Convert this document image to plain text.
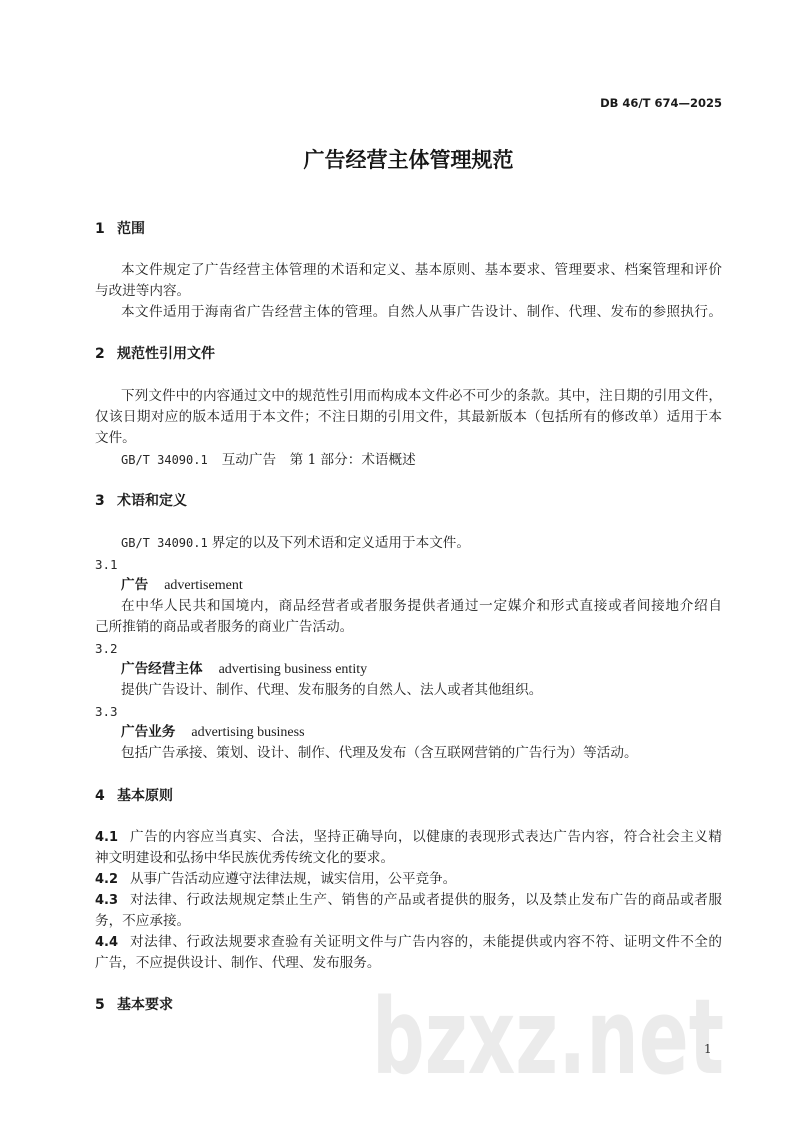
DB 46/T 674—2025
广告经营主体管理规范
1 范围
本文件规定了广告经营主体管理的术语和定义、基本原则、基本要求、管理要求、档案管理和评价
与改进等内容。
本文件适用于海南省广告经营主体的管理。自然人从事广告设计、制作、代理、发布的参照执行。
2 规范性引用文件
下列文件中的内容通过文中的规范性引用而构成本文件必不可少的条款。其中，注日期的引用文件，
仅该日期对应的版本适用于本文件；不注日期的引用文件，其最新版本（包括所有的修改单）适用于本
文件。
GB/T 34090.1 互动广告　第 1 部分：术语概述
3 术语和定义
GB/T 34090.1 界定的以及下列术语和定义适用于本文件。
3.1
广告 advertisement
在中华人民共和国境内，商品经营者或者服务提供者通过一定媒介和形式直接或者间接地介绍自
己所推销的商品或者服务的商业广告活动。
3.2
广告经营主体 advertising business entity
提供广告设计、制作、代理、发布服务的自然人、法人或者其他组织。
3.3
广告业务 advertising business
包括广告承接、策划、设计、制作、代理及发布（含互联网营销的广告行为）等活动。
4 基本原则
4.1 广告的内容应当真实、合法，坚持正确导向，以健康的表现形式表达广告内容，符合社会主义精
神文明建设和弘扬中华民族优秀传统文化的要求。
4.2 从事广告活动应遵守法律法规，诚实信用，公平竞争。
4.3 对法律、行政法规规定禁止生产、销售的产品或者提供的服务，以及禁止发布广告的商品或者服
务，不应承接。
4.4 对法律、行政法规要求查验有关证明文件与广告内容的，未能提供或内容不符、证明文件不全的
广告，不应提供设计、制作、代理、发布服务。
5 基本要求 bzxz.net
1
